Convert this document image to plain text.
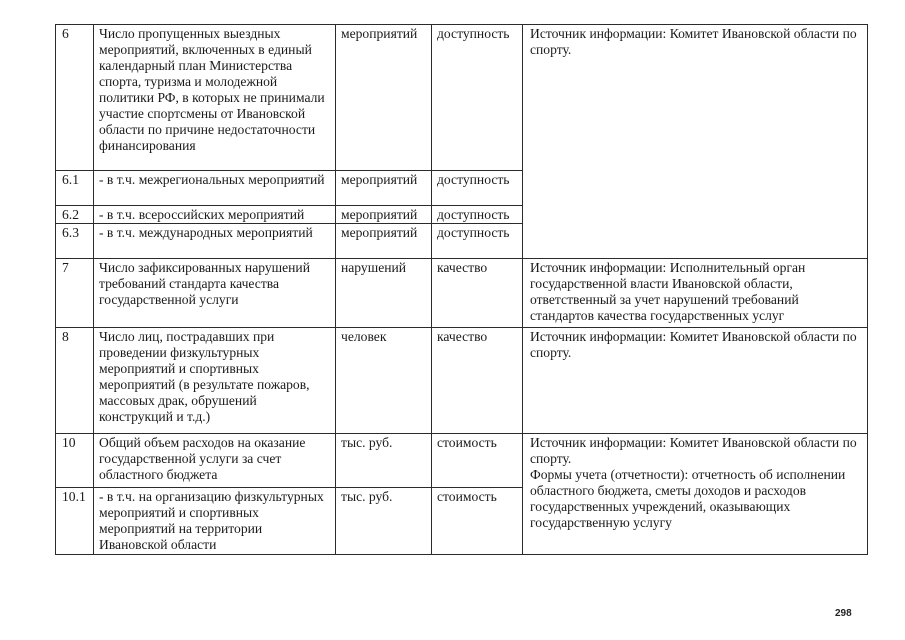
6	Число пропущенных выездных мероприятий, включенных в единый календарный план Министерства спорта, туризма и молодежной политики РФ, в которых не принимали участие спортсмены от Ивановской области по причине недостаточности финансирования	мероприятий	доступность	Источник информации: Комитет Ивановской области по спорту.

6.1	- в т.ч. межрегиональных мероприятий	мероприятий	доступность	
6.2	- в т.ч. всероссийских мероприятий	мероприятий	доступность	
6.3	- в т.ч. международных мероприятий	мероприятий	доступность	
7	Число зафиксированных нарушений требований стандарта качества государственной услуги	нарушений	качество	Источник информации: Исполнительный орган государственной власти Ивановской области, ответственный за учет нарушений требований стандартов качества государственных услуг

8	Число лиц, пострадавших при проведении физкультурных мероприятий и спортивных мероприятий (в результате пожаров, массовых драк, обрушений конструкций и т.д.)	человек	качество	Источник информации: Комитет Ивановской области по спорту.

10	Общий объем расходов на оказание государственной услуги за счет областного бюджета	тыс. руб.	стоимость	Источник информации: Комитет Ивановской области по спорту.
Формы учета (отчетности): отчетность об исполнении областного бюджета, сметы доходов и расходов государственных учреждений, оказывающих государственную услугу

10.1	- в т.ч. на организацию физкультурных мероприятий и спортивных мероприятий на территории Ивановской области	тыс. руб.	стоимость	
298
